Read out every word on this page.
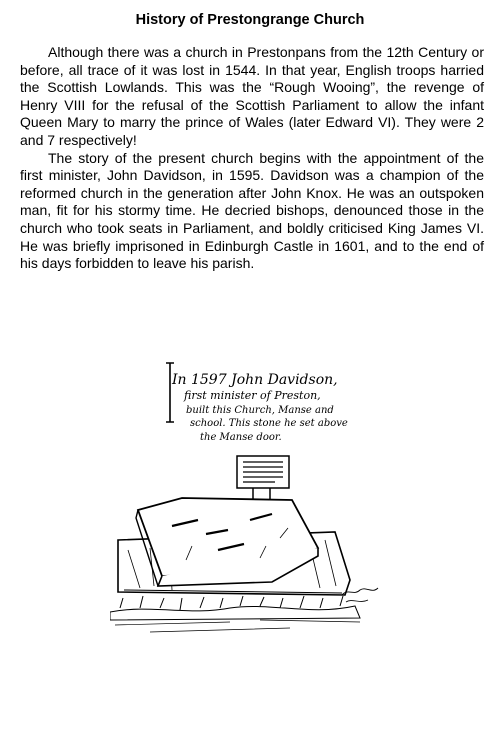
History of Prestongrange Church

Although there was a church in Prestonpans from the 12th Century or before, all trace of it was lost in 1544. In that year, English troops harried the Scottish Lowlands. This was the “Rough Wooing”, the revenge of Henry VIII for the refusal of the Scottish Parliament to allow the infant Queen Mary to marry the prince of Wales (later Edward VI). They were 2 and 7 respectively!

The story of the present church begins with the appointment of the first minister, John Davidson, in 1595. Davidson was a champion of the reformed church in the generation after John Knox. He was an outspoken man, fit for his stormy time. He decried bishops, denounced those in the church who took seats in Parliament, and boldly criticised King James VI. He was briefly imprisoned in Edinburgh Castle in 1601, and to the end of his days forbidden to leave his parish.

In 1597 John Davidson,
first minister of Preston,
built this Church, Manse and
school. This stone he set above
the Manse door.
